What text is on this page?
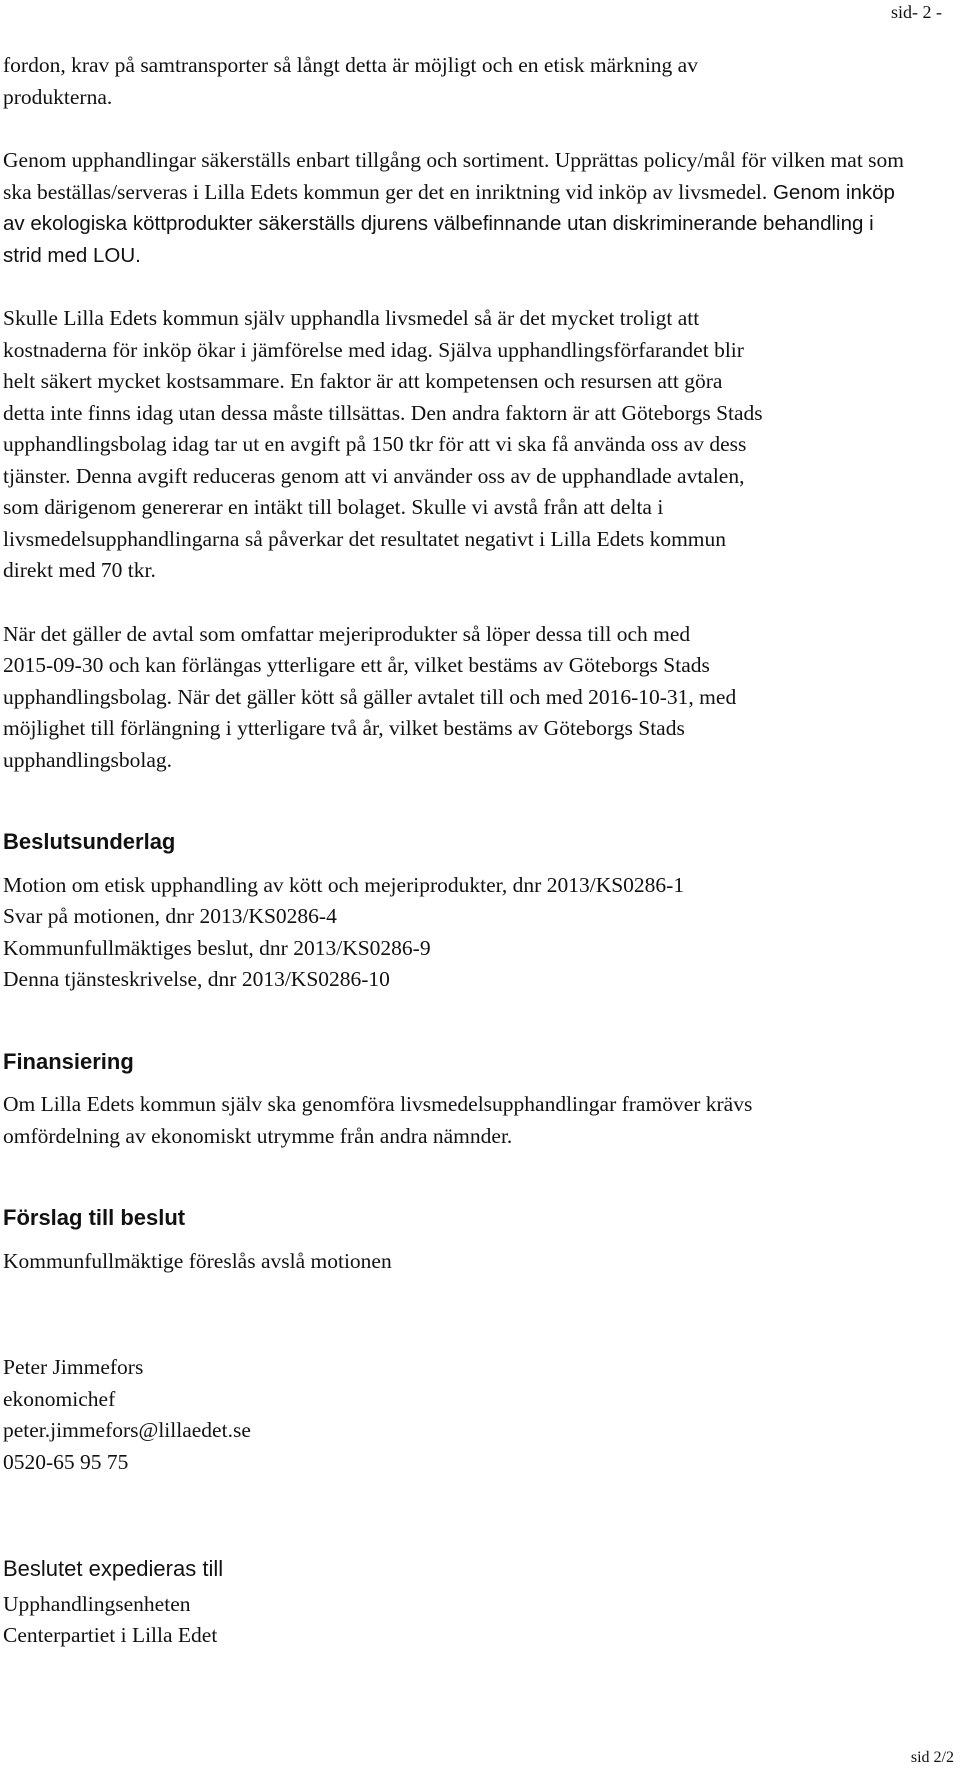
sid- 2 -

fordon, krav på samtransporter så långt detta är möjligt och en etisk märkning av
produkterna.

Genom upphandlingar säkerställs enbart tillgång och sortiment. Upprättas policy/mål för vilken mat som ska beställas/serveras i Lilla Edets kommun ger det en inriktning vid inköp av livsmedel. Genom inköp av ekologiska köttprodukter säkerställs djurens välbefinnande utan diskriminerande behandling i strid med LOU.

Skulle Lilla Edets kommun själv upphandla livsmedel så är det mycket troligt att
kostnaderna för inköp ökar i jämförelse med idag. Själva upphandlingsförfarandet blir
helt säkert mycket kostsammare. En faktor är att kompetensen och resursen att göra
detta inte finns idag utan dessa måste tillsättas. Den andra faktorn är att Göteborgs Stads
upphandlingsbolag idag tar ut en avgift på 150 tkr för att vi ska få använda oss av dess
tjänster. Denna avgift reduceras genom att vi använder oss av de upphandlade avtalen,
som därigenom genererar en intäkt till bolaget. Skulle vi avstå från att delta i
livsmedelsupphandlingarna så påverkar det resultatet negativt i Lilla Edets kommun
direkt med 70 tkr.

När det gäller de avtal som omfattar mejeriprodukter så löper dessa till och med
2015-09-30 och kan förlängas ytterligare ett år, vilket bestäms av Göteborgs Stads
upphandlingsbolag. När det gäller kött så gäller avtalet till och med 2016-10-31, med
möjlighet till förlängning i ytterligare två år, vilket bestäms av Göteborgs Stads
upphandlingsbolag.

Beslutsunderlag

Motion om etisk upphandling av kött och mejeriprodukter, dnr 2013/KS0286-1
Svar på motionen, dnr 2013/KS0286-4
Kommunfullmäktiges beslut, dnr 2013/KS0286-9
Denna tjänsteskrivelse, dnr 2013/KS0286-10

Finansiering

Om Lilla Edets kommun själv ska genomföra livsmedelsupphandlingar framöver krävs
omfördelning av ekonomiskt utrymme från andra nämnder.

Förslag till beslut

Kommunfullmäktige föreslås avslå motionen

Peter Jimmefors
ekonomichef
peter.jimmefors@lillaedet.se
0520-65 95 75

Beslutet expedieras till

Upphandlingsenheten
Centerpartiet i Lilla Edet

sid 2/2
